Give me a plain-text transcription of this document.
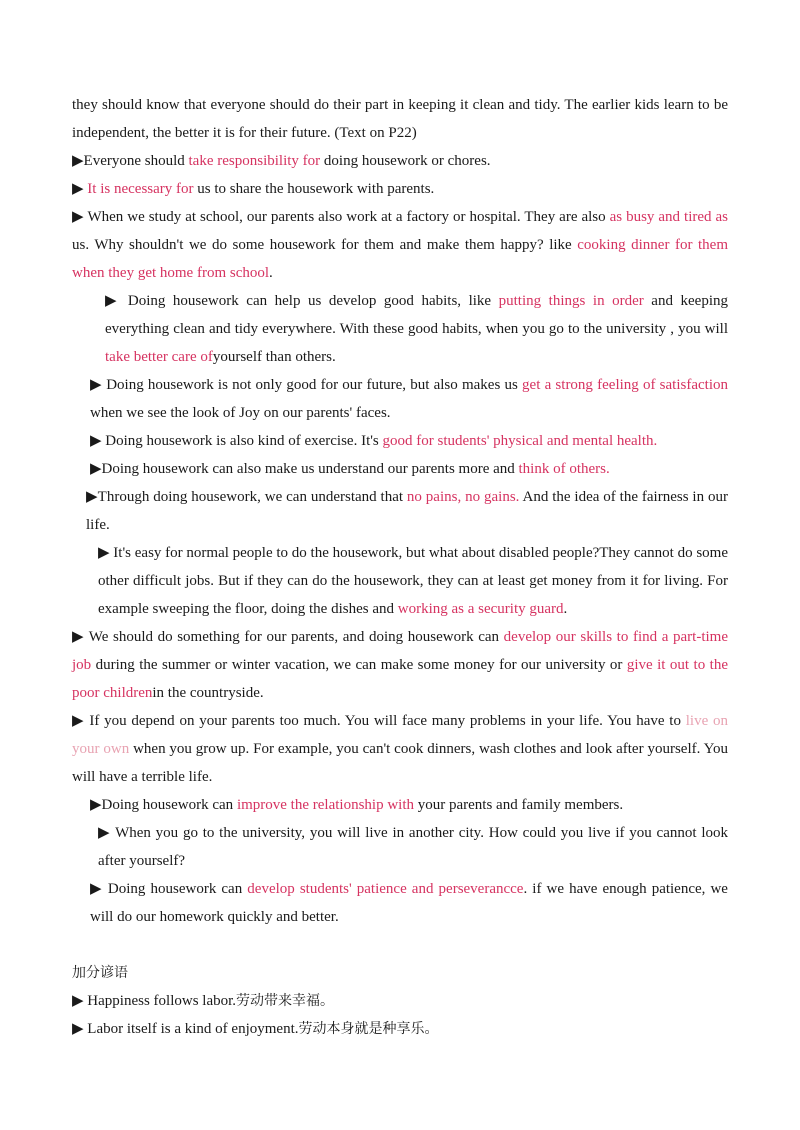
they should know that everyone should do their part in keeping it clean and tidy. The earlier kids learn to be independent, the better it is for their future. (Text on P22)

▶Everyone should take responsibility for doing housework or chores.

▶ It is necessary for us to share the housework with parents.

▶ When we study at school, our parents also work at a factory or hospital. They are also as busy and tired as us. Why shouldn't we do some housework for them and make them happy? like cooking dinner for them when they get home from school.

▶ Doing housework can help us develop good habits, like putting things in order and keeping everything clean and tidy everywhere. With these good habits, when you go to the university , you will take better care ofyourself than others.

▶ Doing housework is not only good for our future, but also makes us get a strong feeling of satisfaction when we see the look of Joy on our parents' faces.

▶ Doing housework is also kind of exercise. It's good for students' physical and mental health.

▶Doing housework can also make us understand our parents more and think of others.

▶Through doing housework, we can understand that no pains, no gains. And the idea of the fairness in our life.

▶ It's easy for normal people to do the housework, but what about disabled people?They cannot do some other difficult jobs. But if they can do the housework, they can at least get money from it for living. For example sweeping the floor, doing the dishes and working as a security guard.

▶ We should do something for our parents, and doing housework can develop our skills to find a part-time job during the summer or winter vacation, we can make some money for our university or give it out to the poor childrenin the countryside.

▶ If you depend on your parents too much. You will face many problems in your life. You have to live on your own when you grow up. For example, you can't cook dinners, wash clothes and look after yourself. You will have a terrible life.

▶Doing housework can improve the relationship with your parents and family members.

▶ When you go to the university, you will live in another city. How could you live if you cannot look after yourself?

▶ Doing housework can develop students' patience and perseverancce. if we have enough patience, we will do our homework quickly and better.

加分谚语

▶ Happiness follows labor.劳动带来幸福。

▶ Labor itself is a kind of enjoyment.劳动本身就是种享乐。
